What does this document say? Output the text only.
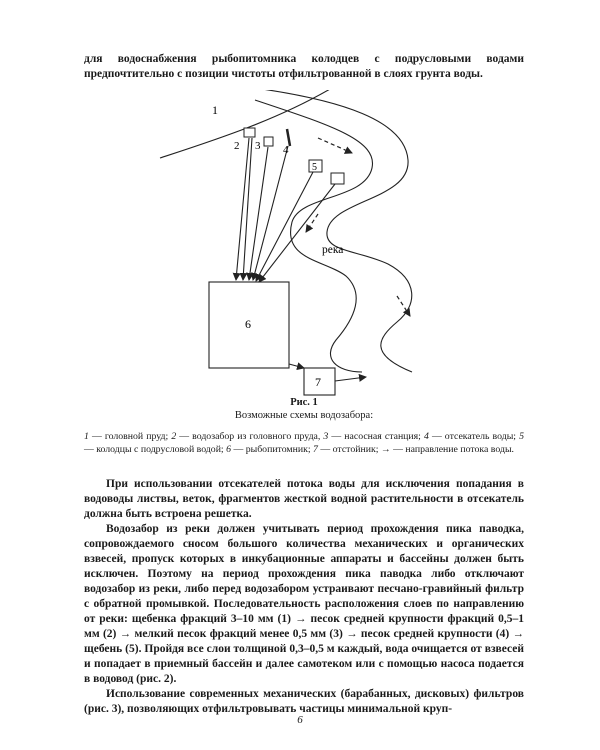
для водоснабжения рыбопитомника колодцев с подрусловыми водами предпочтительно с позиции чистоты отфильтрованной в слоях грунта воды.

1
2 3 4
5
6
7
река
Рис. 1
Возможные схемы водозабора:

1 — головной пруд; 2 — водозабор из головного пруда, 3 — насосная станция; 4 — отсекатель воды; 5 — колодцы с подрусловой водой; 6 — рыбопитомник; 7 — отстойник; → — направление потока воды.

При использовании отсекателей потока воды для исключения попадания в водоводы листвы, веток, фрагментов жесткой водной растительности в отсекатель должна быть встроена решетка.

Водозабор из реки должен учитывать период прохождения пика паводка, сопровождаемого сносом большого количества механических и органических взвесей, пропуск которых в инкубационные аппараты и бассейны должен быть исключен. Поэтому на период прохождения пика паводка либо отключают водозабор из реки, либо перед водозабором устраивают песчано-гравийный фильтр с обратной промывкой. Последовательность расположения слоев по направлению от реки: щебенка фракций 3–10 мм (1) → песок средней крупности фракций 0,5–1 мм (2) → мелкий песок фракций менее 0,5 мм (3) → песок средней крупности (4) → щебень (5). Пройдя все слои толщиной 0,3–0,5 м каждый, вода очищается от взвесей и попадает в приемный бассейн и далее самотеком или с помощью насоса подается в водовод (рис. 2).

Использование современных механических (барабанных, дисковых) фильтров (рис. 3), позволяющих отфильтровывать частицы минимальной круп-

6
